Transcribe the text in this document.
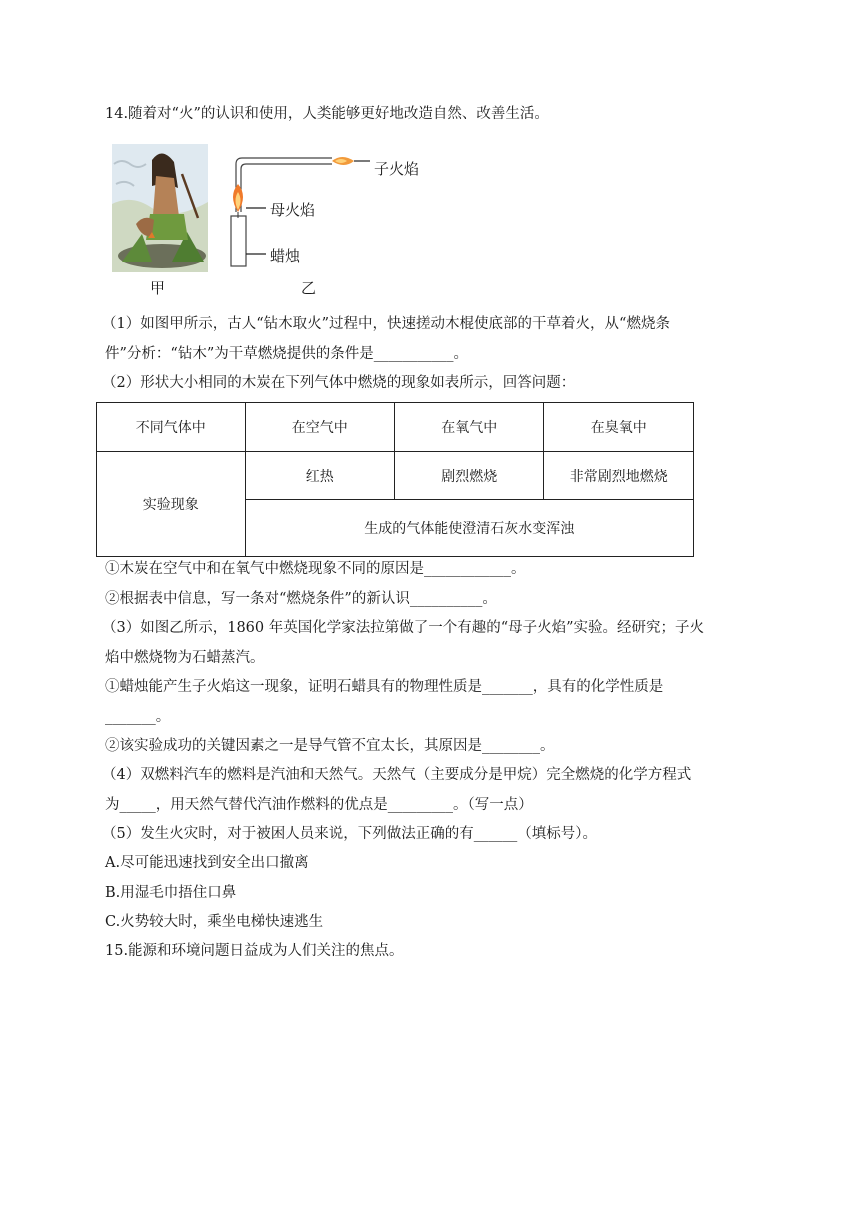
14.随着对“火”的认识和使用，人类能够更好地改造自然、改善生活。
甲
子火焰
母火焰
蜡烛
乙
（1）如图甲所示，古人“钻木取火”过程中，快速搓动木棍使底部的干草着火，从“燃烧条
件”分析：“钻木”为干草燃烧提供的条件是___________。
（2）形状大小相同的木炭在下列气体中燃烧的现象如表所示，回答问题：
不同气体中	在空气中	在氧气中	在臭氧中
实验现象	红热	剧烈燃烧	非常剧烈地燃烧
	生成的气体能使澄清石灰水变浑浊		
①木炭在空气中和在氧气中燃烧现象不同的原因是____________。
②根据表中信息，写一条对“燃烧条件”的新认识__________。
（3）如图乙所示，1860 年英国化学家法拉第做了一个有趣的“母子火焰”实验。经研究；子火
焰中燃烧物为石蜡蒸汽。
①蜡烛能产生子火焰这一现象，证明石蜡具有的物理性质是_______，具有的化学性质是
_______。
②该实验成功的关键因素之一是导气管不宜太长，其原因是________。
（4）双燃料汽车的燃料是汽油和天然气。天然气（主要成分是甲烷）完全燃烧的化学方程式
为_____，用天然气替代汽油作燃料的优点是_________。（写一点）
（5）发生火灾时，对于被困人员来说，下列做法正确的有______（填标号）。
A.尽可能迅速找到安全出口撤离
B.用湿毛巾捂住口鼻
C.火势较大时，乘坐电梯快速逃生
15.能源和环境问题日益成为人们关注的焦点。
